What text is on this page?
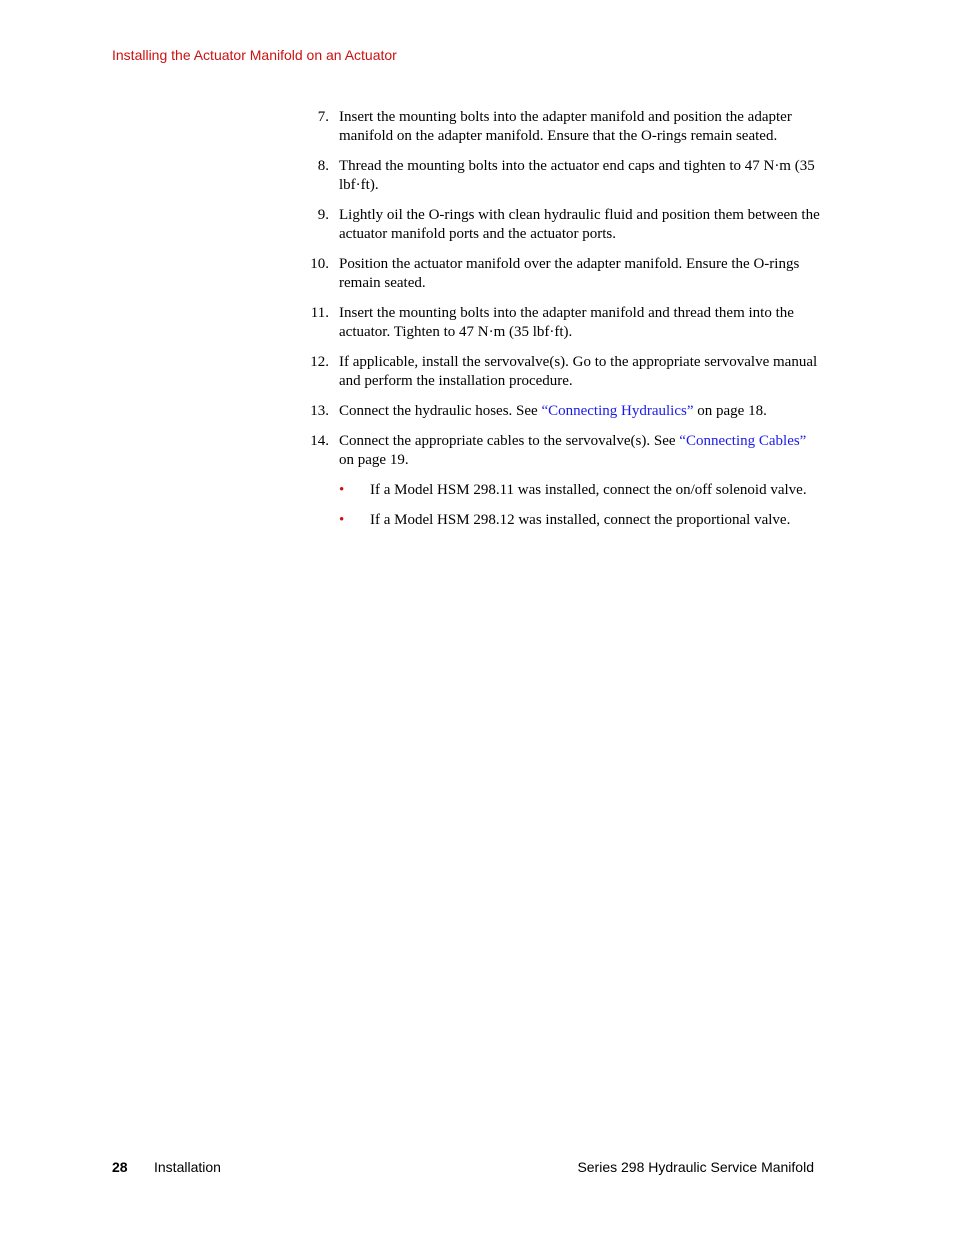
Installing the Actuator Manifold on an Actuator
7. Insert the mounting bolts into the adapter manifold and position the adapter manifold on the adapter manifold. Ensure that the O-rings remain seated.
8. Thread the mounting bolts into the actuator end caps and tighten to 47 N·m (35 lbf·ft).
9. Lightly oil the O-rings with clean hydraulic fluid and position them between the actuator manifold ports and the actuator ports.
10. Position the actuator manifold over the adapter manifold. Ensure the O-rings remain seated.
11. Insert the mounting bolts into the adapter manifold and thread them into the actuator. Tighten to 47 N·m (35 lbf·ft).
12. If applicable, install the servovalve(s). Go to the appropriate servovalve manual and perform the installation procedure.
13. Connect the hydraulic hoses. See “Connecting Hydraulics” on page 18.
14. Connect the appropriate cables to the servovalve(s). See “Connecting Cables” on page 19.
• If a Model HSM 298.11 was installed, connect the on/off solenoid valve.
• If a Model HSM 298.12 was installed, connect the proportional valve.
28 Installation	Series 298 Hydraulic Service Manifold
